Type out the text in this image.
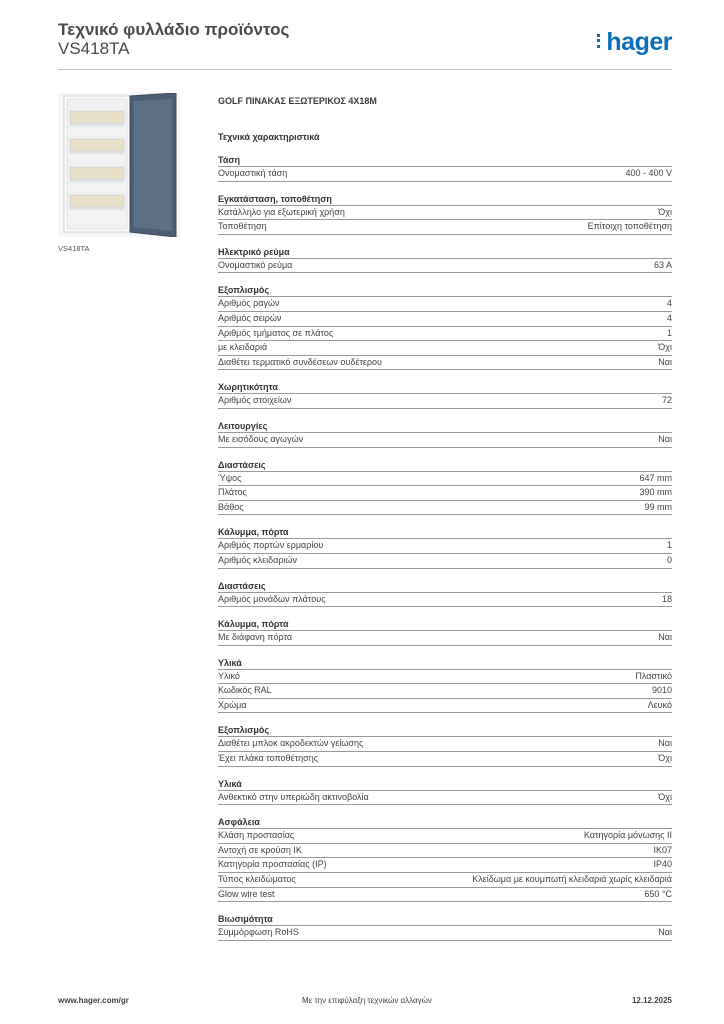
Τεχνικό φυλλάδιο προϊόντος
VS418TA	hager
VS418TA
GOLF ΠΙΝΑΚΑΣ ΕΞΩΤΕΡΙΚΟΣ 4X18M
Τεχνικά χαρακτηριστικά
Τάση
Ονομαστική τάση	400 - 400 V
Εγκατάσταση, τοποθέτηση
Κατάλληλο για εξωτερική χρήση	Όχι
Τοποθέτηση	Επίτοιχη τοποθέτηση
Ηλεκτρικό ρεύμα
Ονομαστικό ρεύμα	63 A
Εξοπλισμός
Αριθμός ραγών	4
Αριθμός σειρών	4
Αριθμός τμήματος σε πλάτος	1
με κλειδαριά	Όχι
Διαθέτει τερματικό συνδέσεων ουδέτερου	Ναι
Χωρητικότητα
Αριθμός στοιχείων	72
Λειτουργίες
Με εισόδους αγωγών	Ναι
Διαστάσεις
Ύψος	647 mm
Πλάτος	390 mm
Βάθος	99 mm
Κάλυμμα, πόρτα
Αριθμός πορτών ερμαρίου	1
Αριθμός κλειδαριών	0
Διαστάσεις
Αριθμός μονάδων πλάτους	18
Κάλυμμα, πόρτα
Με διάφανη πόρτα	Ναι
Υλικά
Υλικό	Πλαστικό
Κωδικός RAL	9010
Χρώμα	Λευκό
Εξοπλισμός
Διαθέτει μπλοκ ακροδεκτών γείωσης	Ναι
Έχει πλάκα τοποθέτησης	Όχι
Υλικά
Ανθεκτικό στην υπεριώδη ακτινοβολία	Όχι
Ασφάλεια
Κλάση προστασίας	Κατηγορία μόνωσης II
Αντοχή σε κρούση IK	IK07
Κατηγορία προστασίας (IP)	IP40
Τύπος κλειδώματος	Κλείδωμα με κουμπωτή κλειδαριά χωρίς κλειδαριά
Glow wire test	650 °C
Βιωσιμότητα
Συμμόρφωση RoHS	Ναι
www.hager.com/gr	Με την επιφύλαξη τεχνικών αλλαγών	12.12.2025
